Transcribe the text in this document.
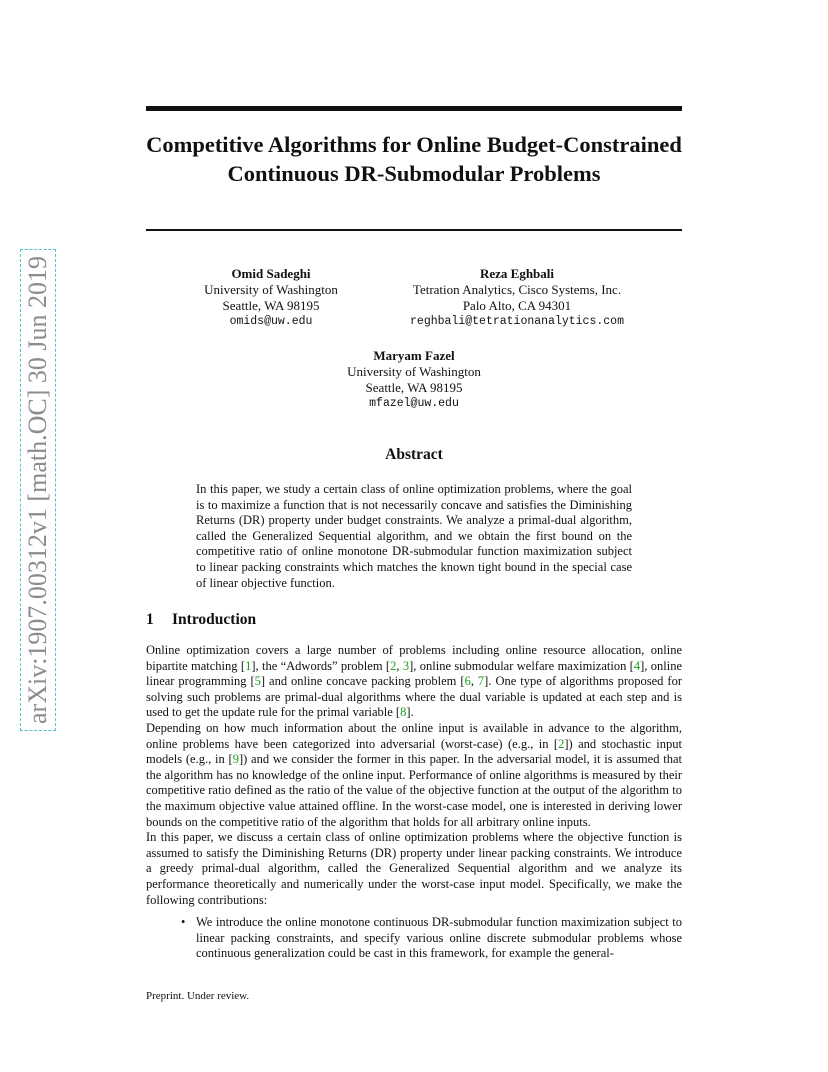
arXiv:1907.00312v1 [math.OC] 30 Jun 2019
Competitive Algorithms for Online Budget-Constrained Continuous DR-Submodular Problems
Omid Sadeghi
University of Washington
Seattle, WA 98195
omids@uw.edu
Reza Eghbali
Tetration Analytics, Cisco Systems, Inc.
Palo Alto, CA 94301
reghbali@tetrationanalytics.com
Maryam Fazel
University of Washington
Seattle, WA 98195
mfazel@uw.edu
Abstract
In this paper, we study a certain class of online optimization problems, where the goal is to maximize a function that is not necessarily concave and satisfies the Diminishing Returns (DR) property under budget constraints. We analyze a primal-dual algorithm, called the Generalized Sequential algorithm, and we obtain the first bound on the competitive ratio of online monotone DR-submodular function maximization subject to linear packing constraints which matches the known tight bound in the special case of linear objective function.
1 Introduction

Online optimization covers a large number of problems including online resource allocation, online bipartite matching [1], the “Adwords” problem [2, 3], online submodular welfare maximization [4], online linear programming [5] and online concave packing problem [6, 7]. One type of algorithms proposed for solving such problems are primal-dual algorithms where the dual variable is updated at each step and is used to get the update rule for the primal variable [8].

Depending on how much information about the online input is available in advance to the algorithm, online problems have been categorized into adversarial (worst-case) (e.g., in [2]) and stochastic input models (e.g., in [9]) and we consider the former in this paper. In the adversarial model, it is assumed that the algorithm has no knowledge of the online input. Performance of online algorithms is measured by their competitive ratio defined as the ratio of the value of the objective function at the output of the algorithm to the maximum objective value attained offline. In the worst-case model, one is interested in deriving lower bounds on the competitive ratio of the algorithm that holds for all arbitrary online inputs.

In this paper, we discuss a certain class of online optimization problems where the objective function is assumed to satisfy the Diminishing Returns (DR) property under linear packing constraints. We introduce a greedy primal-dual algorithm, called the Generalized Sequential algorithm and we analyze its performance theoretically and numerically under the worst-case input model. Specifically, we make the following contributions:

• We introduce the online monotone continuous DR-submodular function maximization subject to linear packing constraints, and specify various online discrete submodular problems whose continuous generalization could be cast in this framework, for example the general-
Preprint. Under review.
